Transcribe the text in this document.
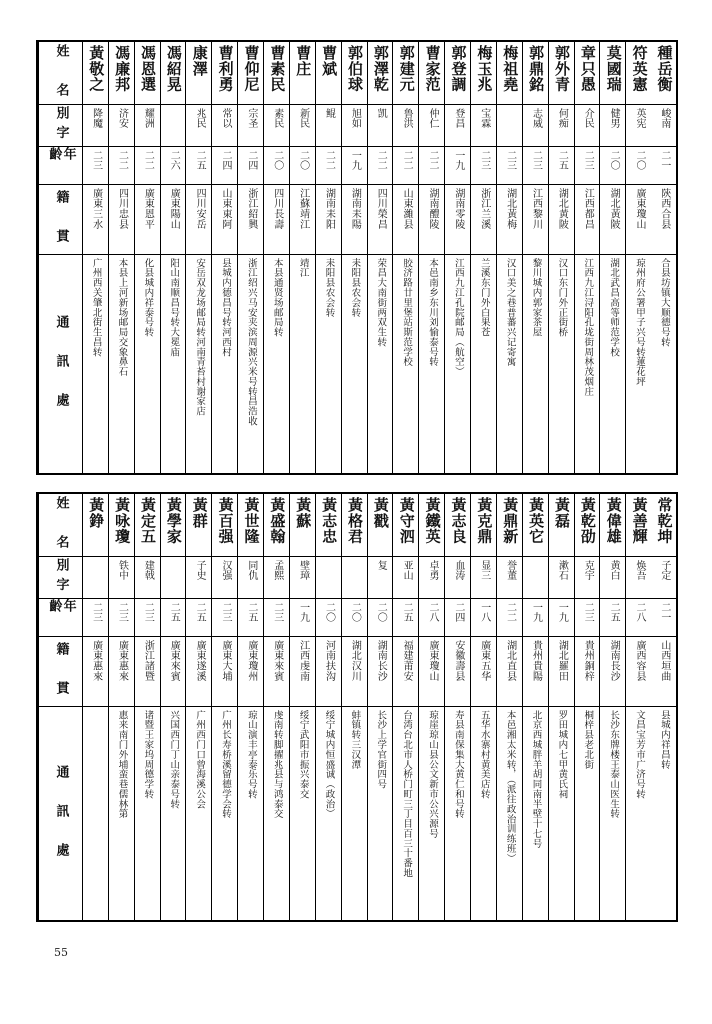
種岳衡
峻南
二一
陝西合县
合县坊镇大顺德号转
符英憲
英宪
二〇
廣東瓊山
琼州府公署甲子兴号转蓮花坪
莫國瑞
健男
二〇
湖北黃陂
湖北武昌高等师范学校
章只愚
介民
二三
江西都昌
江西九江浔阳孔垅街周林茂烟庄
郭外青
何痴
二五
湖北黄陂
汉口东门外正街桥
郭鼎銘
志威
二三
江西黎川
黎川城内郭家茶屋
梅祖堯
二三
湖北黃梅
汉口美之巷普蕃兴记寄寓
梅玉兆
宝霖
二三
浙江兰溪
兰溪东门外白果苍
郭登調
登昌
一九
湖南零陵
江西九江孔院邮局（航空）
曹家范
仲仁
二二
湖南醴陵
本邑南乡东川刘愉泰号转
郭建元
鲁洪
二二
山東濰县
胶济路廿里堡站斯范学校
郭澤乾
凯
二二
四川榮昌
荣昌大南街两双生转
郭伯球
旭如
一九
湖南耒陽
耒阳县农会转
曹斌
鲲
二二
湖南耒阳
耒阳县农会转
曹庄
新民
二〇
江蘇靖江
靖江
曹素民
素民
二〇
四川長壽
本县通贤场邮局转
曹仰尼
宗圣
二四
浙江紹興
浙江绍兴马安夹滨周源兴米号转昌浩收
曹利勇
常以
二四
山東東阿
县城内德昌号转河西村
康澤
兆民
二五
四川安岳
安岳双龙场邮局转河南青苔村谢家店
馮紹晃
二六
廣東陽山
阳山南顺昌号转大冕庙
馮恩選
耀洲
二二
廣東恩平
化县城内祥泰号转
馮廉邦
济安
二二
四川忠县
本县上河新场邮局交象鼻石
黃敬之
降魔
二三
廣東三水
广州西关肇北街生昌转
姓　名
別字
年齡
籍　貫
通　訊　處
常乾坤
子定
二一
山西垣曲
县城内祥昌转
黃善輝
焕吾
二八
廣西容县
文昌宝芳市广济号转
黃偉雄
黄白
二五
湖南長沙
长沙东牌楼王泰山医生转
黃乾劭
克宇
二三
貴州銅梓
桐梓县老北街
黃磊
漱石
一九
湖北羅田
罗田城内七甲黄氏祠
黃英它
一九
貴州貴陽
北京西城胖羊胡同南半壁十七号
黃鼎新
誉董
二二
湖北直县
本邑湘太米转，（派往政治训练班）
黃克鼎
显三
一八
廣東五华
五华水寨村黄美店转
黃志良
血涛
二四
安徽壽县
寿县南保集大黄仁和号转
黃鐵英
卓勇
二八
廣東瓊山
琼崖琼山县公文新市公兴源号
黃守泗
亚山
二五
福建莆安
台湾台北市人桥门町三丁目百三十番地
黃戳
复
二〇
湖南长沙
长沙上学官街四号
黃格君
二〇
湖北汉川
蚌镇转三汉潭
黃志忠
二〇
河南扶沟
绥宁城内恒盛诚（政治）
黃蘇
壁璋
一九
江西虔南
绥宁武阳市振兴泰交
黃盛翰
孟熙
二三
廣東來賓
虔南转脚擢兆县与鸿泰交
黃世隆
同仇
二五
廣東瓊州
琼山演丰亭泰乐号转
黃百强
汉强
二三
廣東大埔
广州长寿桥溪留德学会转
黃群
子史
二五
廣東遂溪
广州西门口曾海溪公会
黃學家
二五
廣東來賓
兴国西门丁山亲泰号转
黃定五
建戟
二三
浙江諸暨
诸暨王家坞周德学转
黃咏瓊
铁中
二三
廣東惠來
惠来南门外埔蛮巷儒林第
黃錚
二三
廣東惠來
姓　名
別字
年齡
籍　貫
通　訊　處
55
